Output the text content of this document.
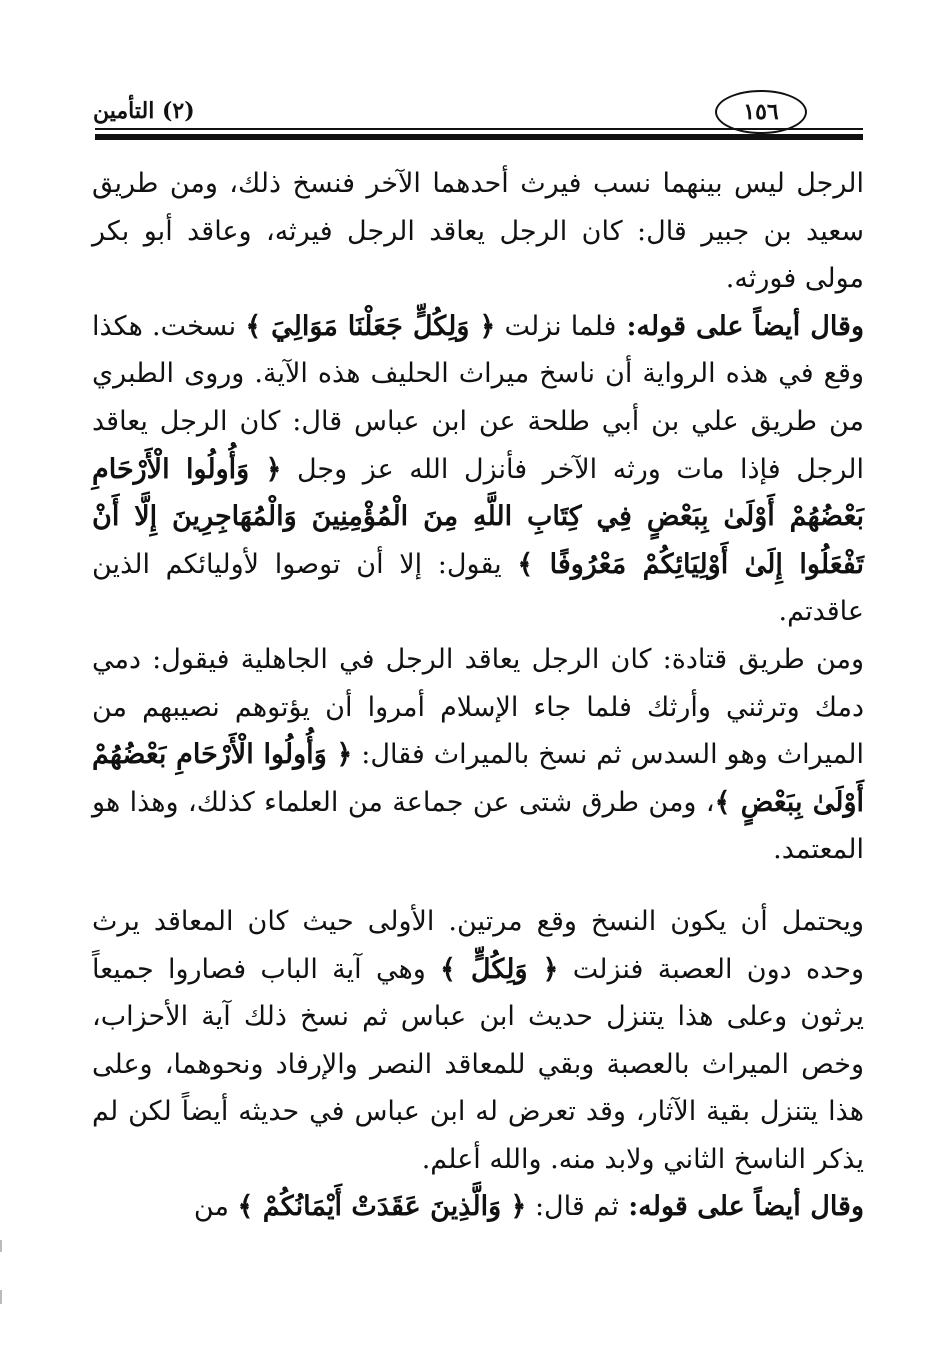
١٥٦
(٢) التأمين

الرجل ليس بينهما نسب فيرث أحدهما الآخر فنسخ ذلك، ومن طريق سعيد بن جبير قال: كان الرجل يعاقد الرجل فيرثه، وعاقد أبو بكر مولى فورثه.

وقال أيضاً على قوله: فلما نزلت ﴿ وَلِكُلٍّ جَعَلْنَا مَوَالِيَ ﴾ نسخت. هكذا وقع في هذه الرواية أن ناسخ ميراث الحليف هذه الآية. وروى الطبري من طريق علي بن أبي طلحة عن ابن عباس قال: كان الرجل يعاقد الرجل فإذا مات ورثه الآخر فأنزل الله عز وجل ﴿ وَأُولُوا الْأَرْحَامِ بَعْضُهُمْ أَوْلَىٰ بِبَعْضٍ فِي كِتَابِ اللَّهِ مِنَ الْمُؤْمِنِينَ وَالْمُهَاجِرِينَ إِلَّا أَنْ تَفْعَلُوا إِلَىٰ أَوْلِيَائِكُمْ مَعْرُوفًا ﴾ يقول: إلا أن توصوا لأوليائكم الذين عاقدتم.

ومن طريق قتادة: كان الرجل يعاقد الرجل في الجاهلية فيقول: دمي دمك وترثني وأرثك فلما جاء الإسلام أمروا أن يؤتوهم نصيبهم من الميراث وهو السدس ثم نسخ بالميراث فقال: ﴿ وَأُولُوا الْأَرْحَامِ بَعْضُهُمْ أَوْلَىٰ بِبَعْضٍ ﴾، ومن طرق شتى عن جماعة من العلماء كذلك، وهذا هو المعتمد.

ويحتمل أن يكون النسخ وقع مرتين. الأولى حيث كان المعاقد يرث وحده دون العصبة فنزلت ﴿ وَلِكُلٍّ ﴾ وهي آية الباب فصاروا جميعاً يرثون وعلى هذا يتنزل حديث ابن عباس ثم نسخ ذلك آية الأحزاب، وخص الميراث بالعصبة وبقي للمعاقد النصر والإرفاد ونحوهما، وعلى هذا يتنزل بقية الآثار، وقد تعرض له ابن عباس في حديثه أيضاً لكن لم يذكر الناسخ الثاني ولابد منه. والله أعلم.

وقال أيضاً على قوله: ثم قال: ﴿ وَالَّذِينَ عَقَدَتْ أَيْمَانُكُمْ ﴾ من
